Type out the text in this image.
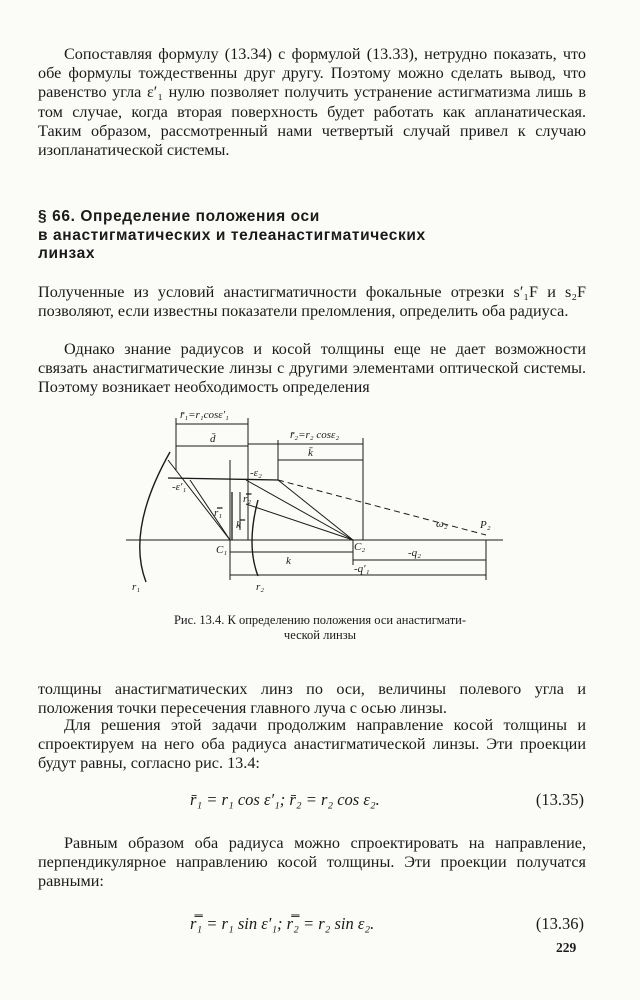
Сопоставляя формулу (13.34) с формулой (13.33), нетрудно показать, что обе формулы тождественны друг другу. Поэтому можно сделать вывод, что равенство угла ε′₁ нулю позволяет получить устранение астигматизма лишь в том случае, когда вторая поверхность будет работать как апланатическая. Таким образом, рассмотренный нами четвертый случай привел к случаю изопланатической системы.

§ 66. Определение положения оси
в анастигматических и телеанастигматических
линзах

Полученные из условий анастигматичности фокальные отрезки s′₁F и s₂F позволяют, если известны показатели преломления, определить оба радиуса.

Однако знание радиусов и косой толщины еще не дает возможности связать анастигматические линзы с другими элементами оптической системы. Поэтому возникает необходимость определения

r̄₁=r₁cosε′₁
d̄	r̄₂=r₂ cosε₂
k̄
-ε₂
-ε′₁
r̿₁
r̿₂
k̿	ω₂	P₂
C₁	C₂
k
-q₂
-q′₁
r₁	r₂
Рис. 13.4. К определению положения оси анастигмати-
ческой линзы

толщины анастигматических линз по оси, величины полевого угла и положения точки пересечения главного луча с осью линзы.

Для решения этой задачи продолжим направление косой толщины и спроектируем на него оба радиуса анастигматической линзы. Эти проекции будут равны, согласно рис. 13.4:

r̄₁ = r₁ cos ε′₁; r̄₂ = r₂ cos ε₂.	(13.35)

Равным образом оба радиуса можно спроектировать на направление, перпендикулярное направлению косой толщины. Эти проекции получатся равными:

r̿₁ = r₁ sin ε′₁; r̿₂ = r₂ sin ε₂.	(13.36)
229
